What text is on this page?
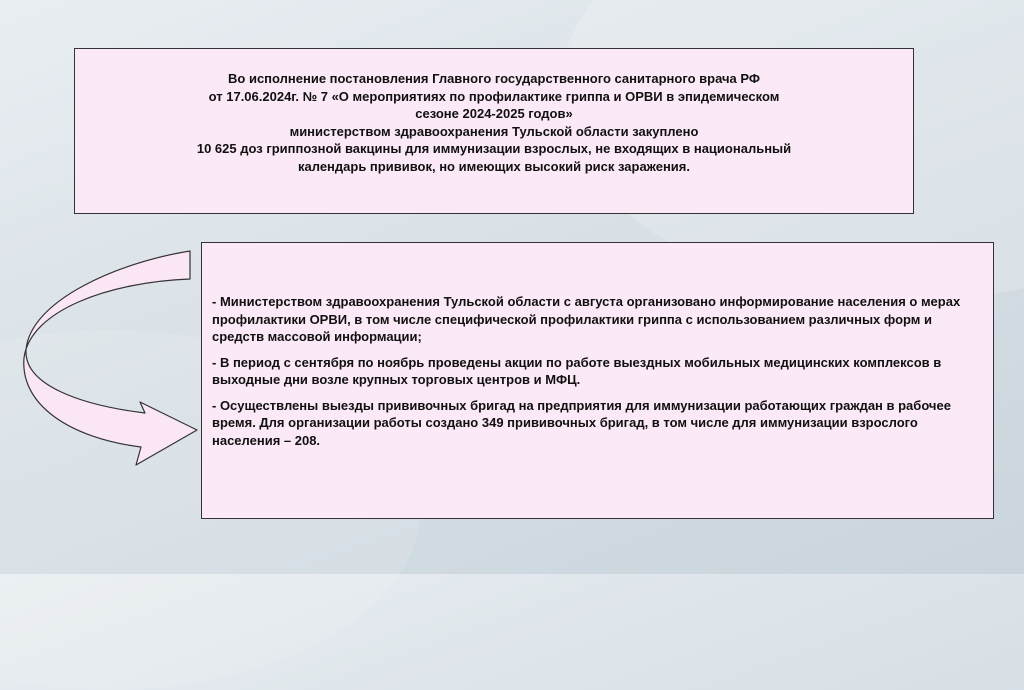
Во исполнение постановления Главного государственного санитарного врача РФ

от 17.06.2024г. № 7 «О мероприятиях по профилактике гриппа и ОРВИ в эпидемическом

сезоне 2024-2025 годов»

министерством здравоохранения Тульской области закуплено

10 625 доз гриппозной вакцины для иммунизации взрослых, не входящих в национальный

календарь прививок, но имеющих высокий риск заражения.

- Министерством здравоохранения Тульской области с августа организовано информирование населения о мерах профилактики ОРВИ, в том числе специфической профилактики гриппа с использованием различных форм и средств массовой информации;

- В период с сентября по ноябрь проведены акции по работе выездных мобильных медицинских комплексов в выходные дни возле крупных торговых центров и МФЦ.

- Осуществлены выезды прививочных бригад на предприятия для иммунизации работающих граждан в рабочее время. Для организации работы создано 349 прививочных бригад, в том числе для иммунизации взрослого населения – 208.
